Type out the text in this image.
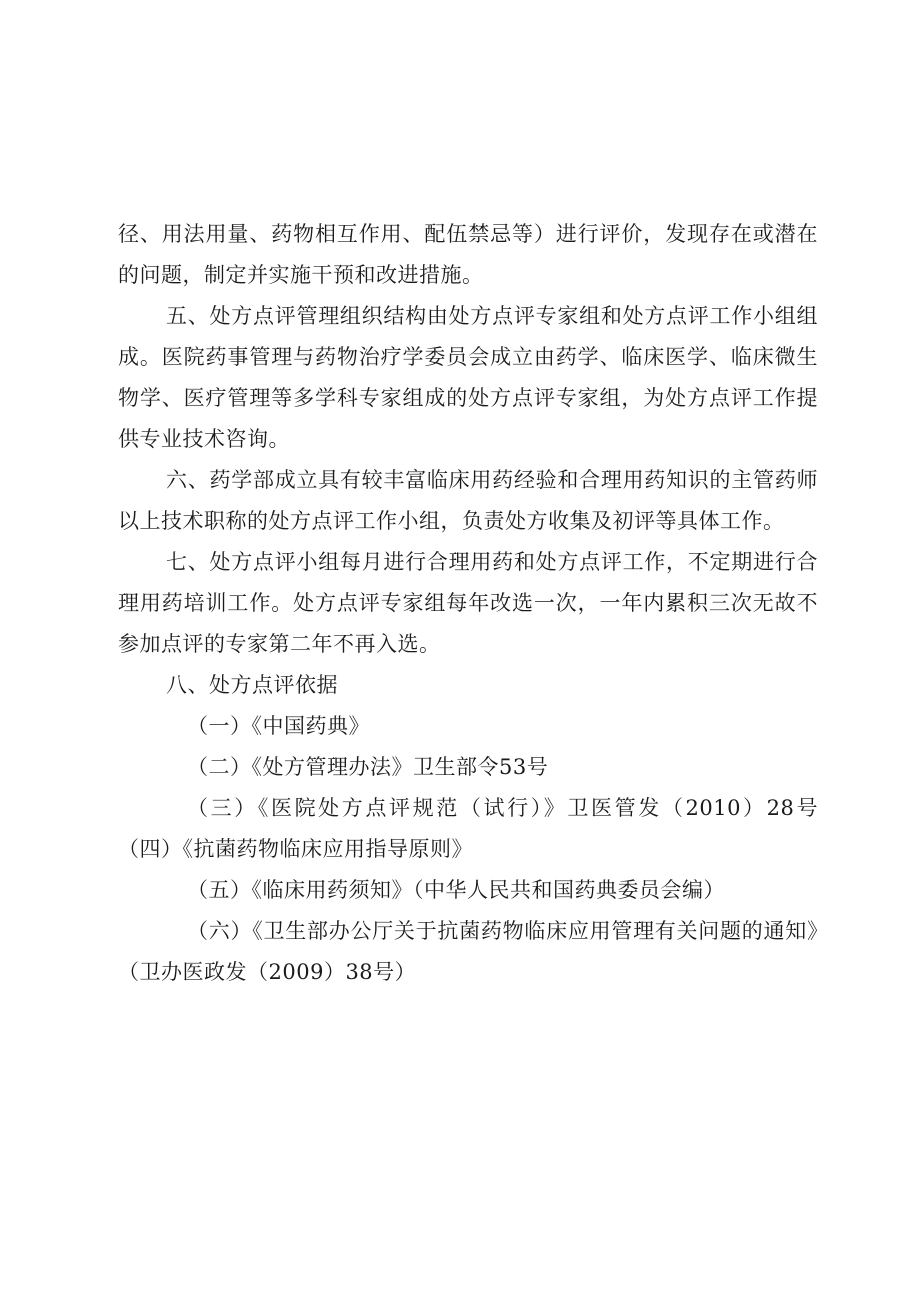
径、用法用量、药物相互作用、配伍禁忌等）进行评价，发现存在或潜在的问题，制定并实施干预和改进措施。

五、处方点评管理组织结构由处方点评专家组和处方点评工作小组组成。医院药事管理与药物治疗学委员会成立由药学、临床医学、临床微生物学、医疗管理等多学科专家组成的处方点评专家组，为处方点评工作提供专业技术咨询。

六、药学部成立具有较丰富临床用药经验和合理用药知识的主管药师以上技术职称的处方点评工作小组，负责处方收集及初评等具体工作。

七、处方点评小组每月进行合理用药和处方点评工作，不定期进行合理用药培训工作。处方点评专家组每年改选一次，一年内累积三次无故不参加点评的专家第二年不再入选。

八、处方点评依据

（一）《中国药典》

（二）《处方管理办法》卫生部令53号

（三）《医院处方点评规范（试行）》卫医管发（2010）28号（四）《抗菌药物临床应用指导原则》

（五）《临床用药须知》（中华人民共和国药典委员会编）

（六）《卫生部办公厅关于抗菌药物临床应用管理有关问题的通知》（卫办医政发（2009）38号）
